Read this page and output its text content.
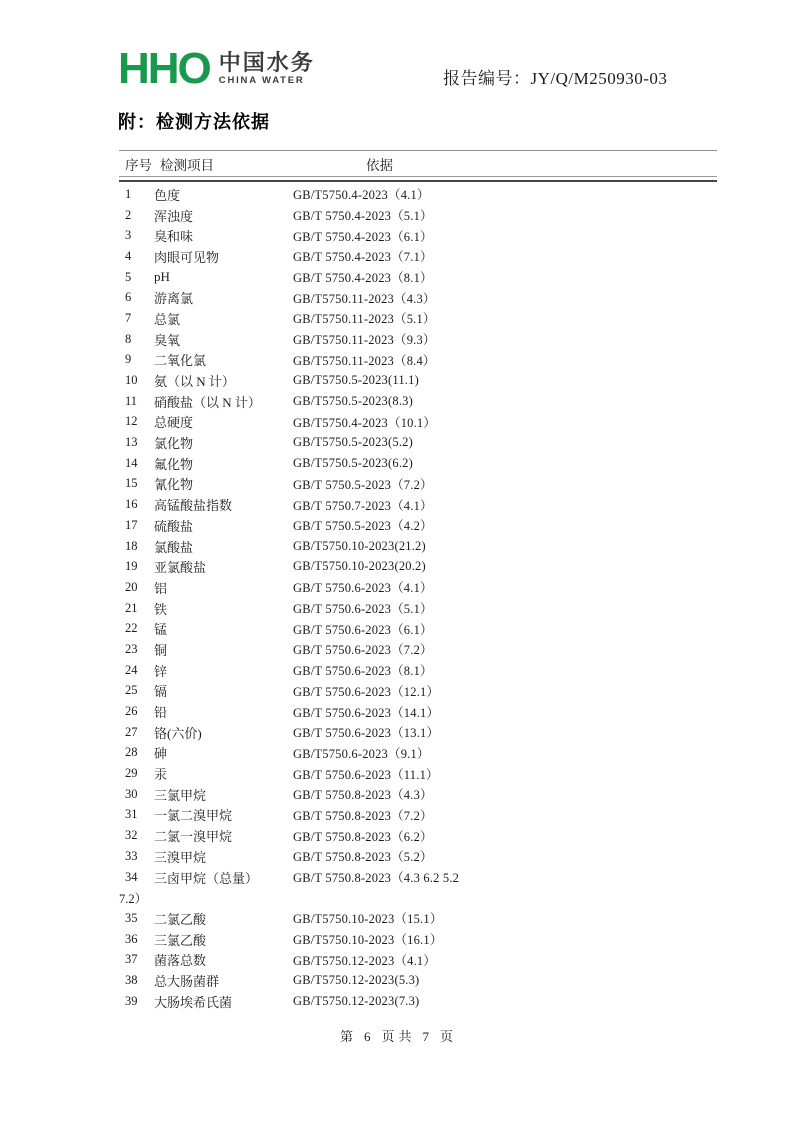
HHO 中国水务
CHINA WATER	报告编号：JY/Q/M250930-03
附：检测方法依据
序号 检测项目	依据
1	色度	GB/T5750.4-2023（4.1）
2	浑浊度	GB/T 5750.4-2023（5.1）
3	臭和味	GB/T 5750.4-2023（6.1）
4	肉眼可见物	GB/T 5750.4-2023（7.1）
5	pH	GB/T 5750.4-2023（8.1）
6	游离氯	GB/T5750.11-2023（4.3）
7	总氯	GB/T5750.11-2023（5.1）
8	臭氧	GB/T5750.11-2023（9.3）
9	二氧化氯	GB/T5750.11-2023（8.4）
10	氨（以 N 计）	GB/T5750.5-2023(11.1)
11	硝酸盐（以 N 计）	GB/T5750.5-2023(8.3)
12	总硬度	GB/T5750.4-2023（10.1）
13	氯化物	GB/T5750.5-2023(5.2)
14	氟化物	GB/T5750.5-2023(6.2)
15	氰化物	GB/T 5750.5-2023（7.2）
16	高锰酸盐指数	GB/T 5750.7-2023（4.1）
17	硫酸盐	GB/T 5750.5-2023（4.2）
18	氯酸盐	GB/T5750.10-2023(21.2)
19	亚氯酸盐	GB/T5750.10-2023(20.2)
20	铝	GB/T 5750.6-2023（4.1）
21	铁	GB/T 5750.6-2023（5.1）
22	锰	GB/T 5750.6-2023（6.1）
23	铜	GB/T 5750.6-2023（7.2）
24	锌	GB/T 5750.6-2023（8.1）
25	镉	GB/T 5750.6-2023（12.1）
26	铅	GB/T 5750.6-2023（14.1）
27	铬(六价)	GB/T 5750.6-2023（13.1）
28	砷	GB/T5750.6-2023（9.1）
29	汞	GB/T 5750.6-2023（11.1）
30	三氯甲烷	GB/T 5750.8-2023（4.3）
31	一氯二溴甲烷	GB/T 5750.8-2023（7.2）
32	二氯一溴甲烷	GB/T 5750.8-2023（6.2）
33	三溴甲烷	GB/T 5750.8-2023（5.2）
34	三卤甲烷（总量）	GB/T 5750.8-2023（4.3 6.2 5.2
7.2）
35	二氯乙酸	GB/T5750.10-2023（15.1）
36	三氯乙酸	GB/T5750.10-2023（16.1）
37	菌落总数	GB/T5750.12-2023（4.1）
38	总大肠菌群	GB/T5750.12-2023(5.3)
39	大肠埃希氏菌	GB/T5750.12-2023(7.3)
第 6 页 共 7 页
